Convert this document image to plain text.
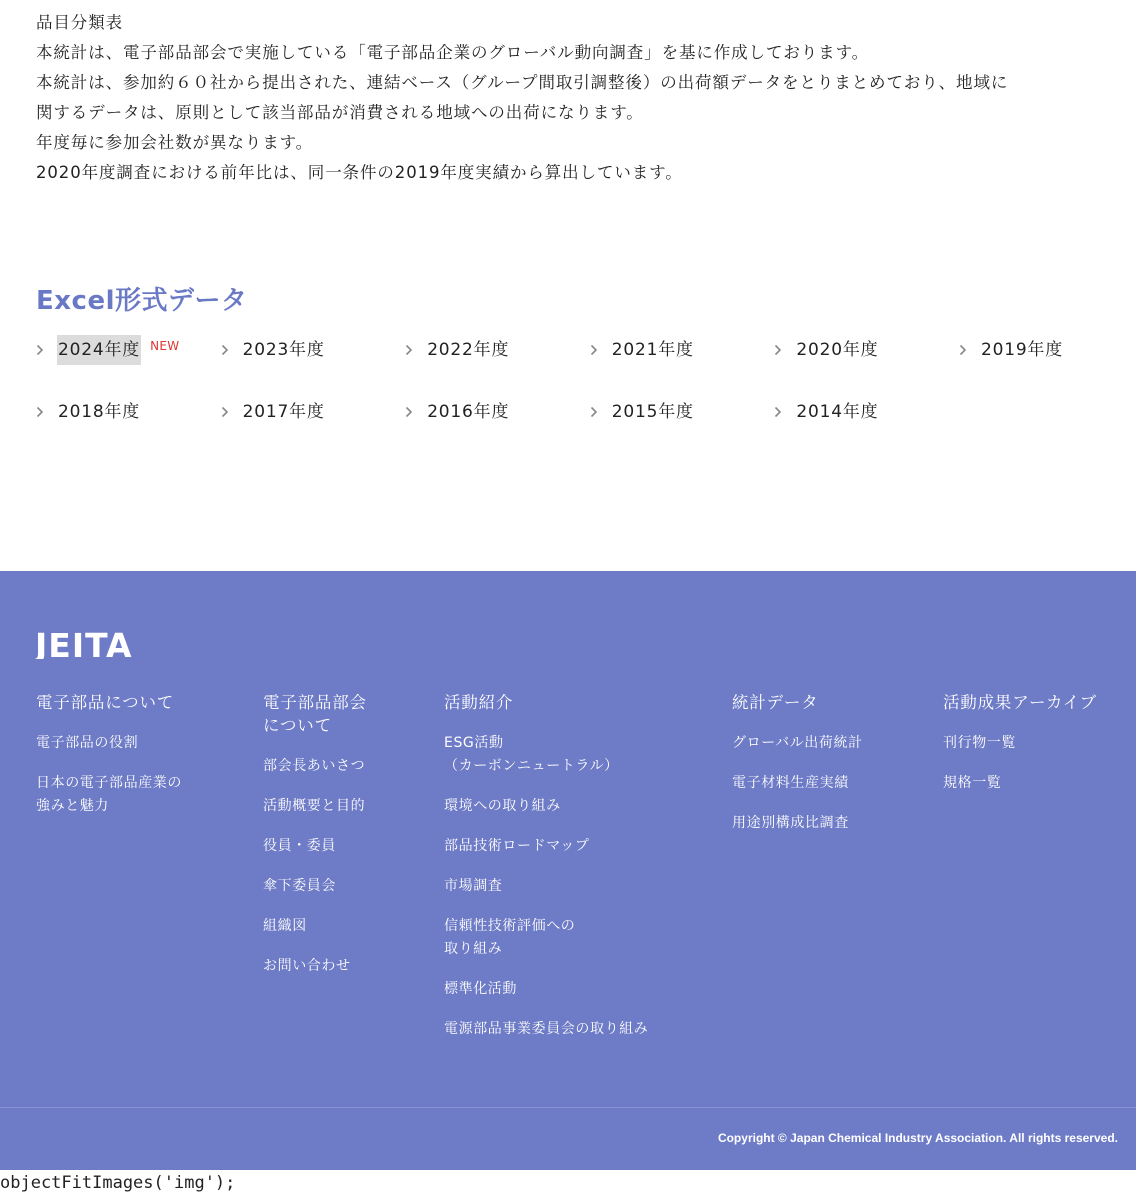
品目分類表

本統計は、電子部品部会で実施している「電子部品企業のグローバル動向調査」を基に作成しております。

本統計は、参加約６０社から提出された、連結ベース（グループ間取引調整後）の出荷額データをとりまとめており、地域に

関するデータは、原則として該当部品が消費される地域への出荷になります。

年度毎に参加会社数が異なります。

2020年度調査における前年比は、同一条件の2019年度実績から算出しています。

Excel形式データ
2024年度 NEW	2023年度	2022年度	2021年度	2020年度	2019年度
2018年度	2017年度	2016年度	2015年度	2014年度
JEITA
電子部品について
電子部品の役割
日本の電子部品産業の
強みと魅力
電子部品部会
について
部会長あいさつ
活動概要と目的
役員・委員
傘下委員会
組織図
お問い合わせ
活動紹介
ESG活動
（カーボンニュートラル）
環境への取り組み
部品技術ロードマップ
市場調査
信頼性技術評価への
取り組み
標準化活動
電源部品事業委員会の取り組み
統計データ
グローバル出荷統計
電子材料生産実績
用途別構成比調査
活動成果アーカイブ
刊行物一覧
規格一覧
Copyright © Japan Chemical Industry Association. All rights reserved.
objectFitImages('img');
